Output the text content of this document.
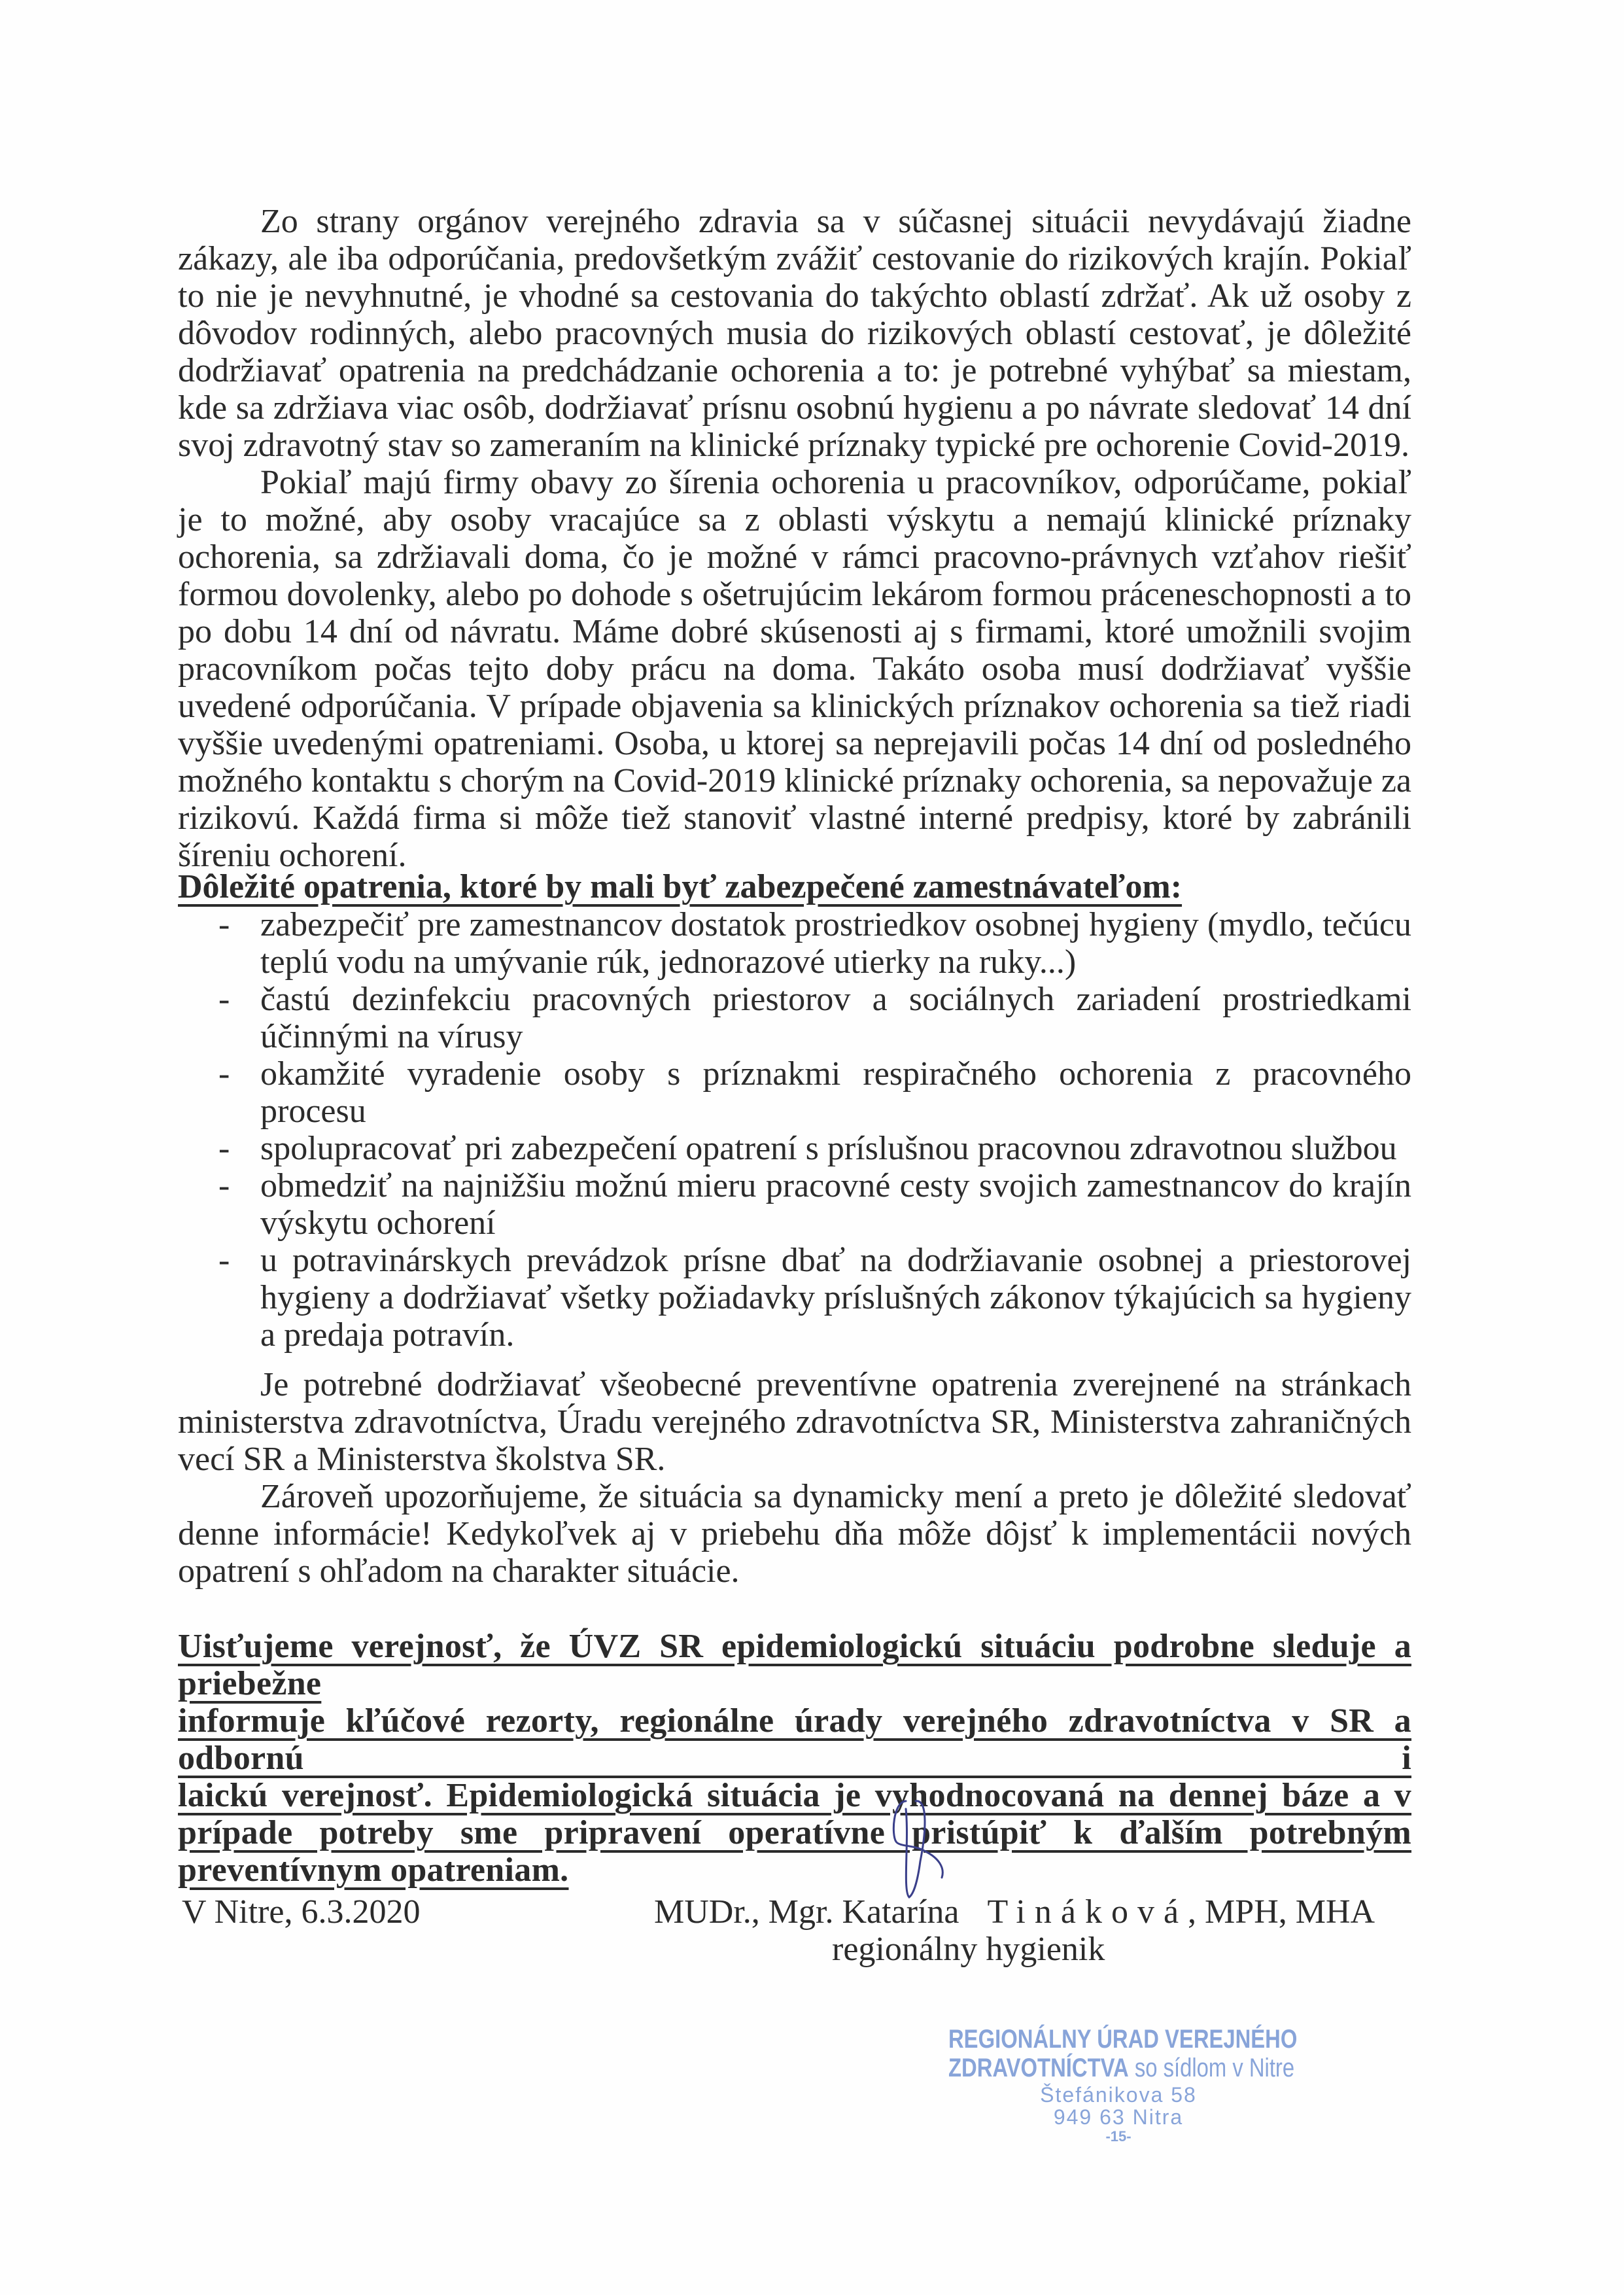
Zo strany orgánov verejného zdravia sa v súčasnej situácii nevydávajú žiadne zákazy, ale iba odporúčania, predovšetkým zvážiť cestovanie do rizikových krajín. Pokiaľ to nie je nevyhnutné, je vhodné sa cestovania do takýchto oblastí zdržať. Ak už osoby z dôvodov rodinných, alebo pracovných musia do rizikových oblastí cestovať, je dôležité dodržiavať opatrenia na predchádzanie ochorenia a to: je potrebné vyhýbať sa miestam, kde sa zdržiava viac osôb, dodržiavať prísnu osobnú hygienu a po návrate sledovať 14 dní svoj zdravotný stav so zameraním na klinické príznaky typické pre ochorenie Covid-2019.

Pokiaľ majú firmy obavy zo šírenia ochorenia u pracovníkov, odporúčame, pokiaľ je to možné, aby osoby vracajúce sa z oblasti výskytu a nemajú klinické príznaky ochorenia, sa zdržiavali doma, čo je možné v rámci pracovno-právnych vzťahov riešiť formou dovolenky, alebo po dohode s ošetrujúcim lekárom formou práceneschopnosti a to po dobu 14 dní od návratu. Máme dobré skúsenosti aj s firmami, ktoré umožnili svojim pracovníkom počas tejto doby prácu na doma. Takáto osoba musí dodržiavať vyššie uvedené odporúčania. V prípade objavenia sa klinických príznakov ochorenia sa tiež riadi vyššie uvedenými opatreniami. Osoba, u ktorej sa neprejavili počas 14 dní od posledného možného kontaktu s chorým na Covid-2019 klinické príznaky ochorenia, sa nepovažuje za rizikovú. Každá firma si môže tiež stanoviť vlastné interné predpisy, ktoré by zabránili šíreniu ochorení.

Dôležité opatrenia, ktoré by mali byť zabezpečené zamestnávateľom:
- zabezpečiť pre zamestnancov dostatok prostriedkov osobnej hygieny (mydlo, tečúcu teplú vodu na umývanie rúk, jednorazové utierky na ruky...)
- častú dezinfekciu pracovných priestorov a sociálnych zariadení prostriedkami účinnými na vírusy
- okamžité vyradenie osoby s príznakmi respiračného ochorenia z pracovného procesu
- spolupracovať pri zabezpečení opatrení s príslušnou pracovnou zdravotnou službou
- obmedziť na najnižšiu možnú mieru pracovné cesty svojich zamestnancov do krajín výskytu ochorení
- u potravinárskych prevádzok prísne dbať na dodržiavanie osobnej a priestorovej hygieny a dodržiavať všetky požiadavky príslušných zákonov týkajúcich sa hygieny a predaja potravín.

Je potrebné dodržiavať všeobecné preventívne opatrenia zverejnené na stránkach ministerstva zdravotníctva, Úradu verejného zdravotníctva SR, Ministerstva zahraničných vecí SR a Ministerstva školstva SR.

Zároveň upozorňujeme, že situácia sa dynamicky mení a preto je dôležité sledovať denne informácie! Kedykoľvek aj v priebehu dňa môže dôjsť k implementácii nových opatrení s ohľadom na charakter situácie.

Uisťujeme verejnosť, že ÚVZ SR epidemiologickú situáciu podrobne sleduje a priebežne
informuje kľúčové rezorty, regionálne úrady verejného zdravotníctva v SR a odbornú i
laickú verejnosť. Epidemiologická situácia je vyhodnocovaná na dennej báze a v
prípade potreby sme pripravení operatívne pristúpiť k ďalším potrebným
preventívnym opatreniam.
V Nitre, 6.3.2020	MUDr., Mgr. Katarína Tináková, MPH, MHA
regionálny hygienik
REGIONÁLNY ÚRAD VEREJNÉHO
ZDRAVOTNÍCTVA so sídlom v Nitre
Štefánikova 58
949 63 Nitra
-15-
